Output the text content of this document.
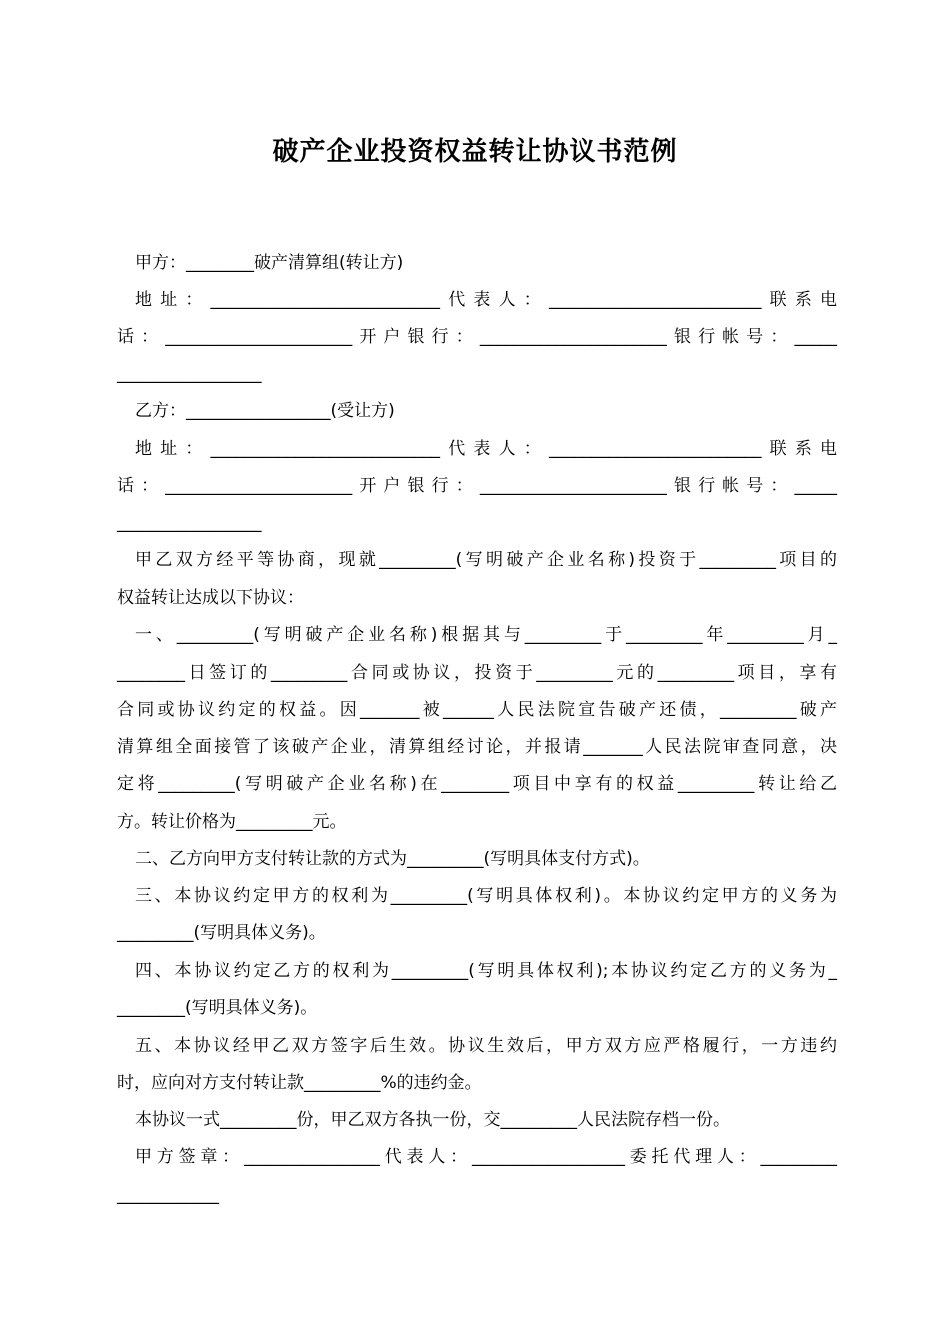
破产企业投资权益转让协议书范例
甲方：________破产清算组(转让方)
地址：___________________________代表人：_________________________联系电
话：______________________开户银行：______________________银行帐号：_____
_________________
乙方：_________________(受让方)
地址：___________________________代表人：_________________________联系电
话：______________________开户银行：______________________银行帐号：_____
_________________
甲乙双方经平等协商，现就_________(写明破产企业名称)投资于_________项目的
权益转让达成以下协议：
一、_________(写明破产企业名称)根据其与_________于_________年_________月_
________日签订的_________合同或协议，投资于_________元的_________项目，享有
合同或协议约定的权益。因_______被______人民法院宣告破产还债，_________破产
清算组全面接管了该破产企业，清算组经讨论，并报请_______人民法院审查同意，决
定将_________(写明破产企业名称)在________项目中享有的权益_________转让给乙
方。转让价格为_________元。
二、乙方向甲方支付转让款的方式为_________(写明具体支付方式)。
三、本协议约定甲方的权利为_________(写明具体权利)。本协议约定甲方的义务为
_________(写明具体义务)。
四、本协议约定乙方的权利为_________(写明具体权利);本协议约定乙方的义务为_
________(写明具体义务)。
五、本协议经甲乙双方签字后生效。协议生效后，甲方双方应严格履行，一方违约
时，应向对方支付转让款_________%的违约金。
本协议一式_________份，甲乙双方各执一份，交_________人民法院存档一份。
甲方签章：________________代表人：__________________委托代理人：_________
____________
